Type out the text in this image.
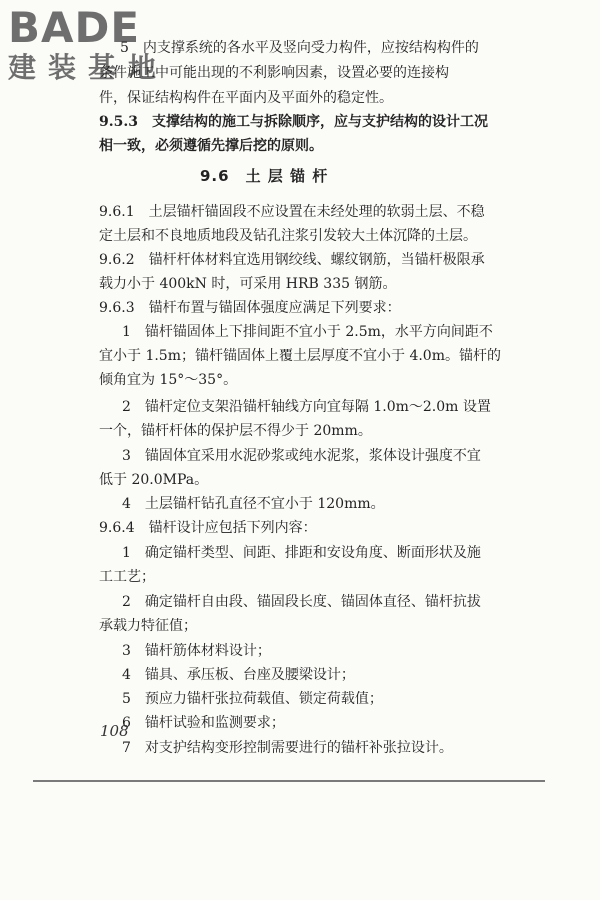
BADE
建装基地
9.6　土 层 锚 杆
5　内支撑系统的各水平及竖向受力构件，应按结构构件的
条件施工中可能出现的不利影响因素，设置必要的连接构
件，保证结构构件在平面内及平面外的稳定性。
9.5.3　支撑结构的施工与拆除顺序，应与支护结构的设计工况
相一致，必须遵循先撑后挖的原则。
9.6.1　土层锚杆锚固段不应设置在未经处理的软弱土层、不稳
定土层和不良地质地段及钻孔注浆引发较大土体沉降的土层。
9.6.2　锚杆杆体材料宜选用钢绞线、螺纹钢筋，当锚杆极限承
载力小于 400kN 时，可采用 HRB 335 钢筋。
9.6.3　锚杆布置与锚固体强度应满足下列要求：
1　锚杆锚固体上下排间距不宜小于 2.5m，水平方向间距不
宜小于 1.5m；锚杆锚固体上覆土层厚度不宜小于 4.0m。锚杆的
倾角宜为 15°～35°。
2　锚杆定位支架沿锚杆轴线方向宜每隔 1.0m～2.0m 设置
一个，锚杆杆体的保护层不得少于 20mm。
3　锚固体宜采用水泥砂浆或纯水泥浆，浆体设计强度不宜
低于 20.0MPa。
4　土层锚杆钻孔直径不宜小于 120mm。
9.6.4　锚杆设计应包括下列内容：
1　确定锚杆类型、间距、排距和安设角度、断面形状及施
工工艺；
2　确定锚杆自由段、锚固段长度、锚固体直径、锚杆抗拔
承载力特征值；
3　锚杆筋体材料设计；
4　锚具、承压板、台座及腰梁设计；
5　预应力锚杆张拉荷载值、锁定荷载值；
6　锚杆试验和监测要求；
7　对支护结构变形控制需要进行的锚杆补张拉设计。
108
